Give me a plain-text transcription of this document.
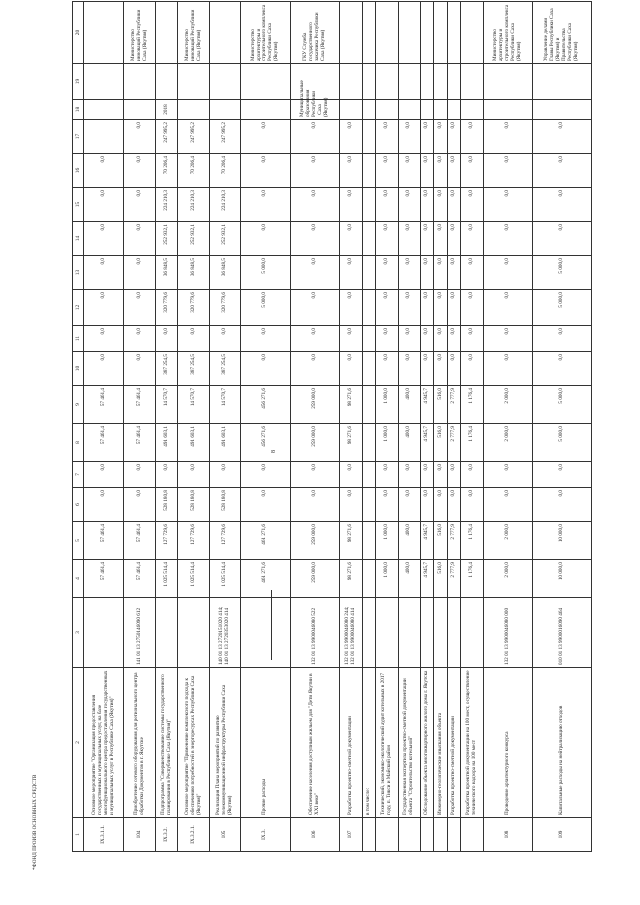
8
1	2	3	4	5	6	7	8	9	10	11	12	13	14	15	16	17	18	19	20	
IX.3.1.1.	Основное мероприятие "Организация предоставления государственных и муниципальных услуг, на базе многофункционального центра предоставления государственных и муниципальных услуг в Республике Саха (Якутия)"		57 461,4	57 461,4	0,0	0,0	57 461,4	57 461,4	0,0	0,0	0,0	0,0	0,0	0,0	0,0					
104	Приобретение сетевого оборудования для регионального центра обработки Документов в г. Якутске	141 01 13 2750146090 612	57 461,4	57 461,4	0,0	0,0	57 461,4	57 461,4	0,0	0,0	0,0	0,0	0,0	0,0	0,0	0,0			Министерство инноваций Республики Саха (Якутия)	
IX.3.2.	Подпрограмма "Совершенствование системы государственного планирования в Республике Саха (Якутия)"		1 025 514,4	127 729,6	528 180,8	0,0	491 603,1	14 570,7	387 254,5	0,0	320 779,6	36 848,5	252 932,1	224 210,3	70 206,4	247 995,2	2018			
IX.3.2.1.	Основное мероприятие "Применение комплексного подхода к обеспечению потребностей в энергоресурсах Республики Саха (Якутия)"		1 025 514,4	127 729,6	528 180,8	0,0	491 603,1	14 570,7	387 254,5	0,0	320 779,6	36 848,5	252 932,1	224 210,3	70 206,4	247 995,2			Министерство инноваций Республики Саха (Якутия)	
105	Реализация Плана мероприятий по развитию телекоммуникационной инфраструктуры Республики Саха (Якутия)	140 01 13 2720151020 414; 140 01 13 2720353020 414	1 025 514,4	127 729,6	528 180,8	0,0	491 603,1	14 570,7	387 254,5	0,0	320 779,6	36 848,5	252 932,1	224 210,3	70 206,4	247 995,2				
IX.3.	Прочие расходы		461 271,6	461 271,6	0,0	0,0	456 271,6	456 271,6	0,0	0,0	5 000,0	5 000,0	0,0	0,0	0,0	0,0			Министерство архитектуры и строительного комплекса Республики Саха (Якутия)	
106	Обеспечение населения доступным жильем для "Дети Якутии в XXI веке"	132 01 13 9900046080 522	259 000,0	259 000,0	0,0	0,0	259 000,0	259 000,0	0,0	0,0	0,0	0,0	0,0	0,0	0,0	0,0	Муниципальные образования Республики Саха (Якутия)		ГКУ Служба государственного заказчика Республики Саха (Якутия)	
107	Разработка проектно-сметной документации	132 01 13 9900046080 244; 132 01 13 9900046080 414	98 271,6	98 271,6	0,0	0,0	98 271,6	98 271,6	0,0	0,0	0,0	0,0	0,0	0,0	0,0	0,0				
	в том числе:																			
	Технический, экономико-экологический аудит котельных в 2017 году, п. Тикси и Майский район		1 000,0	1 000,0	0,0	0,0	1 000,0	1 000,0	0,0	0,0	0,0	0,0	0,0	0,0	0,0	0,0				
	Государственная экспертиза проектно-сметной документации объекта "Строительство котельной"		400,0	400,0	0,0	0,0	400,0	400,0	0,0	0,0	0,0	0,0	0,0	0,0	0,0	0,0				
	Обследование объекта многоквартирного жилого дома г. Якутска		4 945,7	4 945,7	0,0	0,0	4 945,7	4 945,7	0,0	0,0	0,0	0,0	0,0	0,0	0,0	0,0				
	Инженерно-геологические изыскания объекта		516,0	516,0	0,0	0,0	516,0	516,0	0,0	0,0	0,0	0,0	0,0	0,0	0,0	0,0				
	Разработка проектно-сметной документации		2 777,9	2 777,9	0,0	0,0	2 777,9	2 777,9	0,0	0,0	0,0	0,0	0,0	0,0	0,0	0,0				
	Разработка проектной документации на 100 мест, осуществление технического надзора на 100 мест		1 176,4	1 176,4	0,0	0,0	1 176,4	1 176,4	0,0	0,0	0,0	0,0	0,0	0,0	0,0	0,0				
108	Проведение архитектурного конкурса	132 01 13 9900046080 000	2 000,0	2 000,0	0,0	0,0	2 000,0	2 000,0	0,0	0,0	0,0	0,0	0,0	0,0	0,0	0,0			Министерство архитектуры и строительного комплекса Республики Саха (Якутия)	
109	Капитальные расходы на нейтрализацию отходов	010 01 13 9900016090 464	10 000,0	10 000,0	0,0	0,0	5 000,0	5 000,0	0,0	0,0	5 000,0	5 000,0	0,0	0,0	0,0	0,0			Управление делами Главы Республики Саха (Якутия) и Правительства Республики Саха (Якутия)	
*ФОНД ПРОИЗВ ОСНОВНЫХ СРЕДСТВ
